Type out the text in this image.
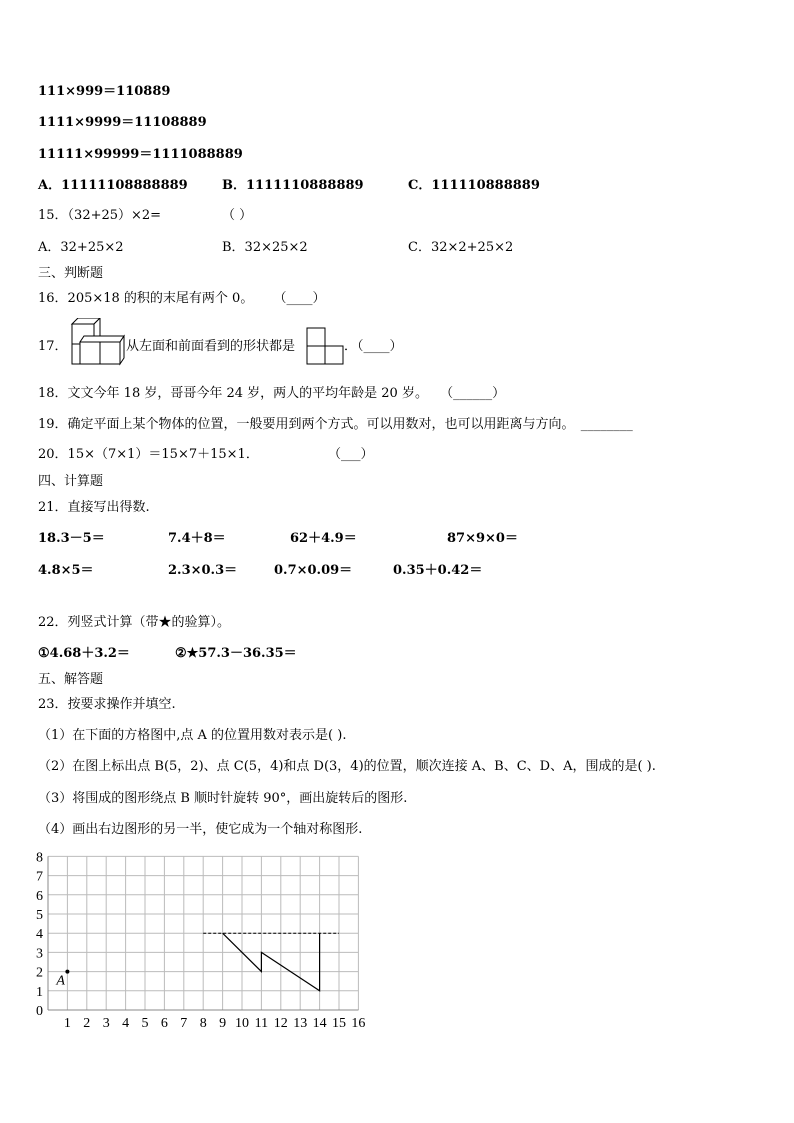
111×999＝110889
1111×9999＝11108889
11111×99999＝1111088889
A．11111108888889	B．1111110888889	C．111110888889
15．（32+25）×2=	（ ）
A．32+25×2	B．32×25×2	C．32×2+25×2
三、判断题
16．205×18 的积的末尾有两个 0。 （____）
17．	从左面和前面看到的形状都是	．（____）
18．文文今年 18 岁，哥哥今年 24 岁，两人的平均年龄是 20 岁。 （______）
19．确定平面上某个物体的位置，一般要用到两个方式。可以用数对，也可以用距离与方向。 ________
20．15×（7×1）＝15×7＋15×1．	（___）
四、计算题
21．直接写出得数.
18.3－5＝	7.4＋8＝	62＋4.9＝	87×9×0＝
4.8×5＝	2.3×0.3＝	0.7×0.09＝	0.35＋0.42＝
22．列竖式计算（带★的验算）。
①4.68＋3.2＝	②★57.3－36.35＝
五、解答题
23．按要求操作并填空.
（1）在下面的方格图中,点 A 的位置用数对表示是( ).
（2）在图上标出点 B(5，2)、点 C(5，4)和点 D(3，4)的位置，顺次连接 A、B、C、D、A，围成的是( ).
（3）将围成的图形绕点 B 顺时针旋转 90°，画出旋转后的图形.
（4）画出右边图形的另一半，使它成为一个轴对称图形.
0
1
2
3
4
5
6
7
8
1 2 3 4 5 6 7 8 9 10 11 12 13 14 15 16
A
